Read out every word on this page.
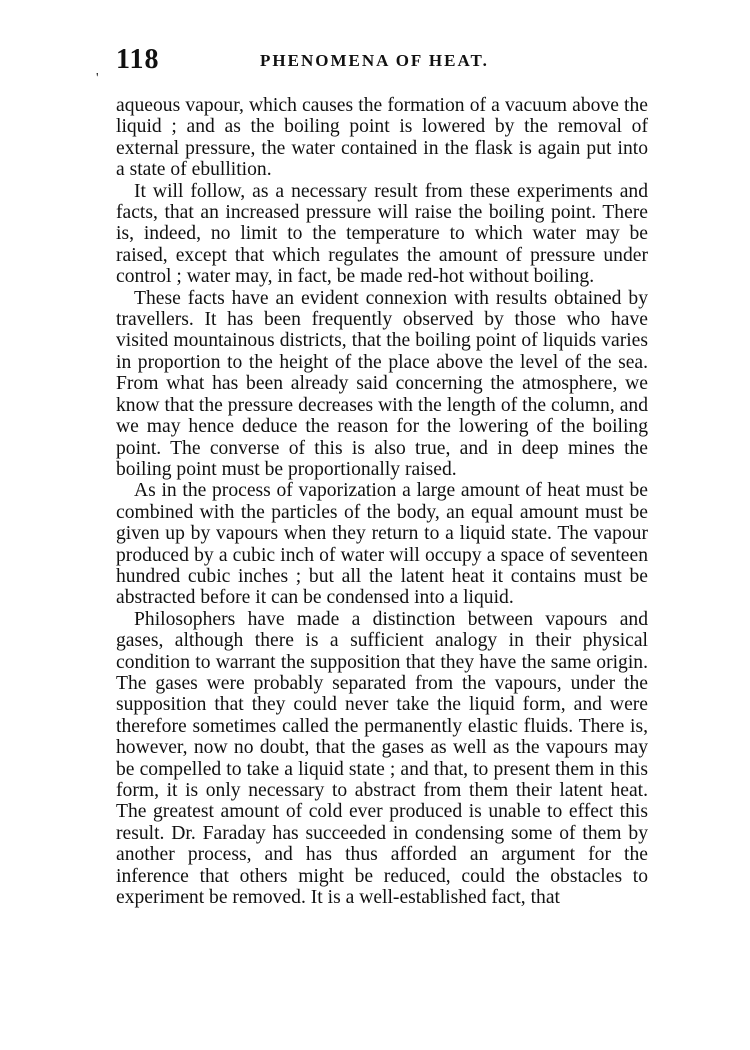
118	PHENOMENA OF HEAT.
'

aqueous vapour, which causes the formation of a vacuum above the liquid ; and as the boiling point is lowered by the removal of external pressure, the water contained in the flask is again put into a state of ebullition.

It will follow, as a necessary result from these experiments and facts, that an increased pressure will raise the boiling point. There is, indeed, no limit to the temperature to which water may be raised, except that which regulates the amount of pressure under control ; water may, in fact, be made red-hot without boiling.

These facts have an evident connexion with results obtained by travellers. It has been frequently observed by those who have visited mountainous districts, that the boiling point of liquids varies in proportion to the height of the place above the level of the sea. From what has been already said concerning the atmosphere, we know that the pressure decreases with the length of the column, and we may hence deduce the reason for the lowering of the boiling point. The converse of this is also true, and in deep mines the boiling point must be proportionally raised.

As in the process of vaporization a large amount of heat must be combined with the particles of the body, an equal amount must be given up by vapours when they return to a liquid state. The vapour produced by a cubic inch of water will occupy a space of seventeen hundred cubic inches ; but all the latent heat it contains must be abstracted before it can be condensed into a liquid.

Philosophers have made a distinction between vapours and gases, although there is a sufficient analogy in their physical condition to warrant the supposition that they have the same origin. The gases were probably separated from the vapours, under the supposition that they could never take the liquid form, and were therefore sometimes called the permanently elastic fluids. There is, however, now no doubt, that the gases as well as the vapours may be compelled to take a liquid state ; and that, to present them in this form, it is only necessary to abstract from them their latent heat. The greatest amount of cold ever produced is unable to effect this result. Dr. Faraday has succeeded in condensing some of them by another process, and has thus afforded an argument for the inference that others might be reduced, could the obstacles to experiment be removed. It is a well-established fact, that
